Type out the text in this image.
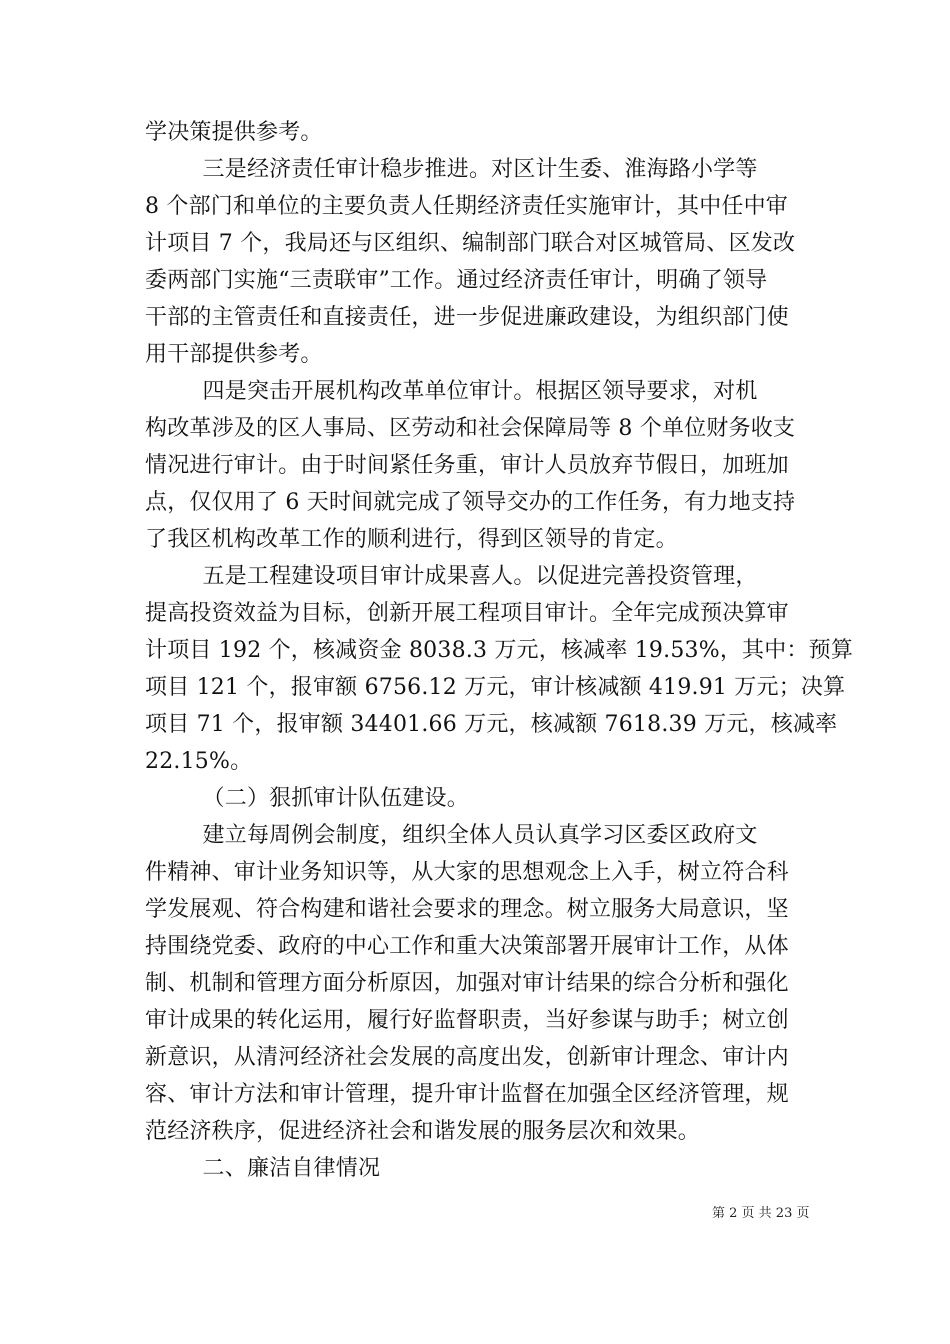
学决策提供参考。
三是经济责任审计稳步推进。对区计生委、淮海路小学等
8 个部门和单位的主要负责人任期经济责任实施审计，其中任中审
计项目 7 个，我局还与区组织、编制部门联合对区城管局、区发改
委两部门实施“三责联审”工作。通过经济责任审计，明确了领导
干部的主管责任和直接责任，进一步促进廉政建设，为组织部门使
用干部提供参考。
四是突击开展机构改革单位审计。根据区领导要求，对机
构改革涉及的区人事局、区劳动和社会保障局等 8 个单位财务收支
情况进行审计。由于时间紧任务重，审计人员放弃节假日，加班加
点，仅仅用了 6 天时间就完成了领导交办的工作任务，有力地支持
了我区机构改革工作的顺利进行，得到区领导的肯定。
五是工程建设项目审计成果喜人。以促进完善投资管理，
提高投资效益为目标，创新开展工程项目审计。全年完成预决算审
计项目 192 个，核减资金 8038.3 万元，核减率 19.53%，其中：预算
项目 121 个，报审额 6756.12 万元，审计核减额 419.91 万元；决算
项目 71 个，报审额 34401.66 万元，核减额 7618.39 万元，核减率
22.15%。
（二）狠抓审计队伍建设。
建立每周例会制度，组织全体人员认真学习区委区政府文
件精神、审计业务知识等，从大家的思想观念上入手，树立符合科
学发展观、符合构建和谐社会要求的理念。树立服务大局意识，坚
持围绕党委、政府的中心工作和重大决策部署开展审计工作，从体
制、机制和管理方面分析原因，加强对审计结果的综合分析和强化
审计成果的转化运用，履行好监督职责，当好参谋与助手；树立创
新意识，从清河经济社会发展的高度出发，创新审计理念、审计内
容、审计方法和审计管理，提升审计监督在加强全区经济管理，规
范经济秩序，促进经济社会和谐发展的服务层次和效果。
二、廉洁自律情况
第 2 页 共 23 页
